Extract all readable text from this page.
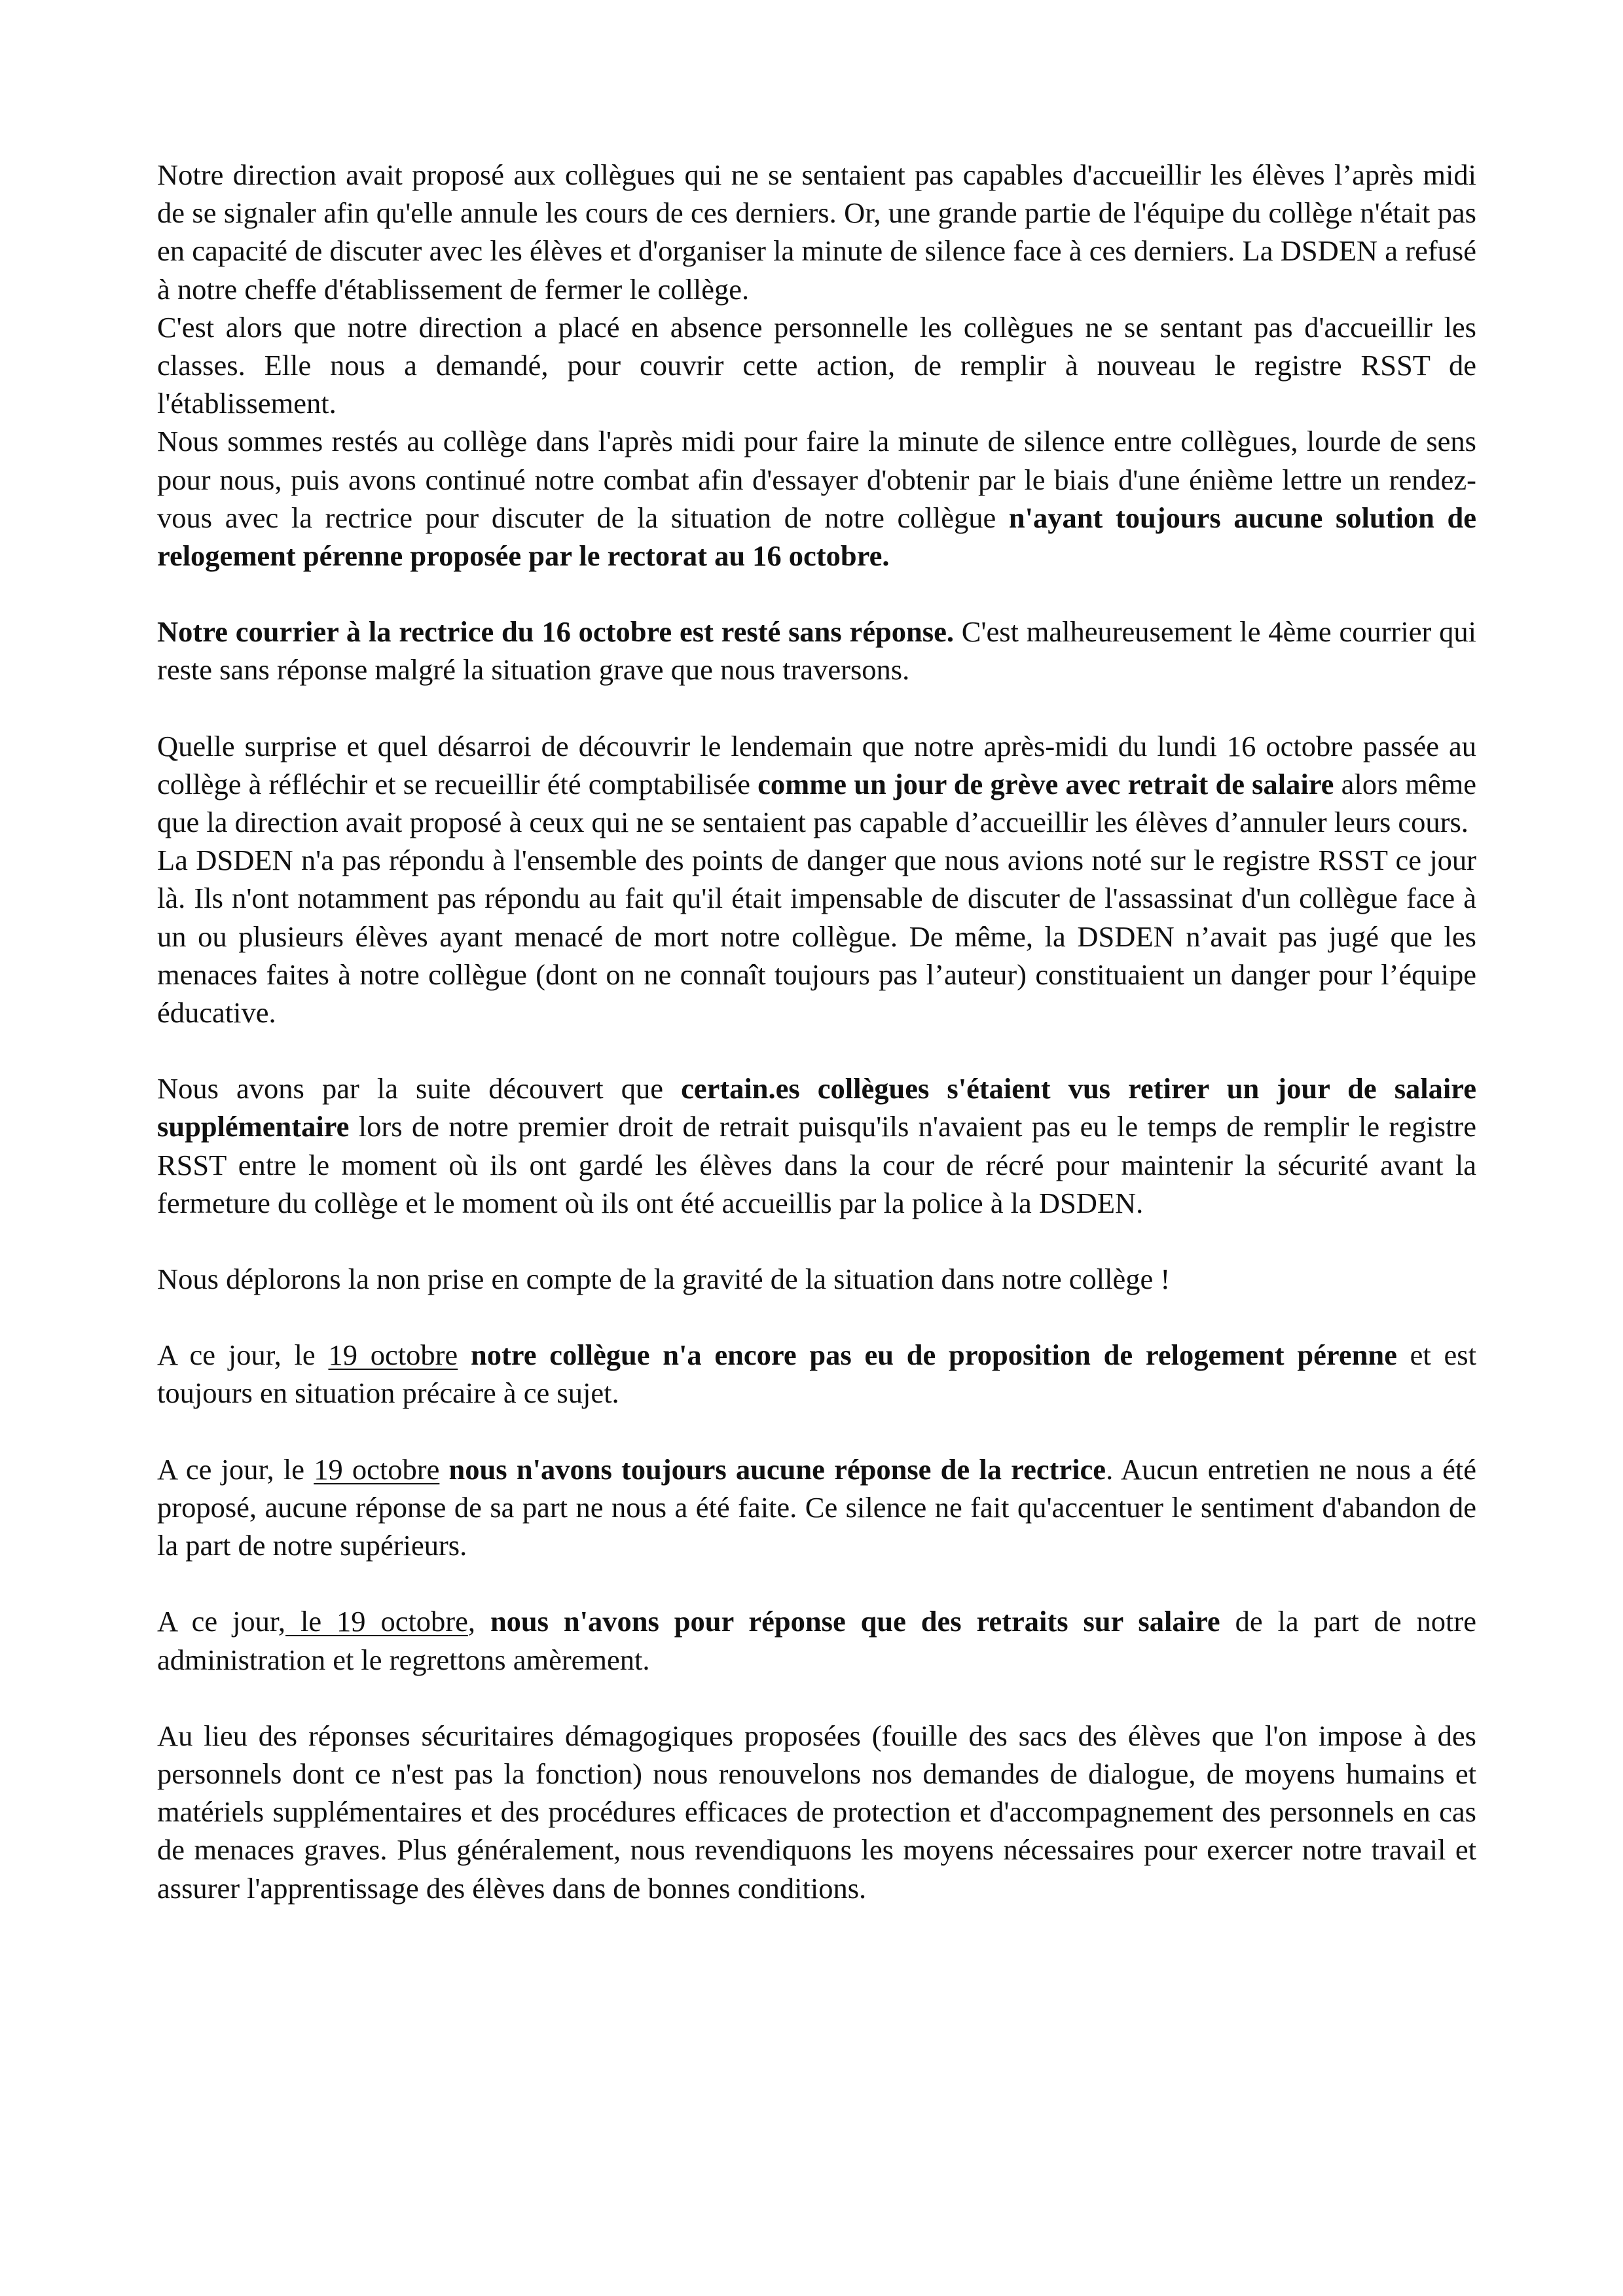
Notre direction avait proposé aux collègues qui ne se sentaient pas capables d'accueillir les élèves l’après midi de se signaler afin qu'elle annule les cours de ces derniers. Or, une grande partie de l'équipe du collège n'était pas en capacité de discuter avec les élèves et d'organiser la minute de silence face à ces derniers. La DSDEN a refusé à notre cheffe d'établissement de fermer le collège.

C'est alors que notre direction a placé en absence personnelle les collègues ne se sentant pas d'accueillir les classes. Elle nous a demandé, pour couvrir cette action, de remplir à nouveau le registre RSST de l'établissement.

Nous sommes restés au collège dans l'après midi pour faire la minute de silence entre collègues, lourde de sens pour nous, puis avons continué notre combat afin d'essayer d'obtenir par le biais d'une énième lettre un rendez-vous avec la rectrice pour discuter de la situation de notre collègue n'ayant toujours aucune solution de relogement pérenne proposée par le rectorat au 16 octobre.

Notre courrier à la rectrice du 16 octobre est resté sans réponse. C'est malheureusement le 4ème courrier qui reste sans réponse malgré la situation grave que nous traversons.

Quelle surprise et quel désarroi de découvrir le lendemain que notre après-midi du lundi 16 octobre passée au collège à réfléchir et se recueillir été comptabilisée comme un jour de grève avec retrait de salaire alors même que la direction avait proposé à ceux qui ne se sentaient pas capable d’accueillir les élèves d’annuler leurs cours.

La DSDEN n'a pas répondu à l'ensemble des points de danger que nous avions noté sur le registre RSST ce jour là. Ils n'ont notamment pas répondu au fait qu'il était impensable de discuter de l'assassinat d'un collègue face à un ou plusieurs élèves ayant menacé de mort notre collègue. De même, la DSDEN n’avait pas jugé que les menaces faites à notre collègue (dont on ne connaît toujours pas l’auteur) constituaient un danger pour l’équipe éducative.

Nous avons par la suite découvert que certain.es collègues s'étaient vus retirer un jour de salaire supplémentaire lors de notre premier droit de retrait puisqu'ils n'avaient pas eu le temps de remplir le registre RSST entre le moment où ils ont gardé les élèves dans la cour de récré pour maintenir la sécurité avant la fermeture du collège et le moment où ils ont été accueillis par la police à la DSDEN.

Nous déplorons la non prise en compte de la gravité de la situation dans notre collège !

A ce jour, le 19 octobre notre collègue n'a encore pas eu de proposition de relogement pérenne et est toujours en situation précaire à ce sujet.

A ce jour, le 19 octobre nous n'avons toujours aucune réponse de la rectrice. Aucun entretien ne nous a été proposé, aucune réponse de sa part ne nous a été faite. Ce silence ne fait qu'accentuer le sentiment d'abandon de la part de notre supérieurs.

A ce jour, le 19 octobre, nous n'avons pour réponse que des retraits sur salaire de la part de notre administration et le regrettons amèrement.

Au lieu des réponses sécuritaires démagogiques proposées (fouille des sacs des élèves que l'on impose à des personnels dont ce n'est pas la fonction) nous renouvelons nos demandes de dialogue, de moyens humains et matériels supplémentaires et des procédures efficaces de protection et d'accompagnement des personnels en cas de menaces graves. Plus généralement, nous revendiquons les moyens nécessaires pour exercer notre travail et assurer l'apprentissage des élèves dans de bonnes conditions.
